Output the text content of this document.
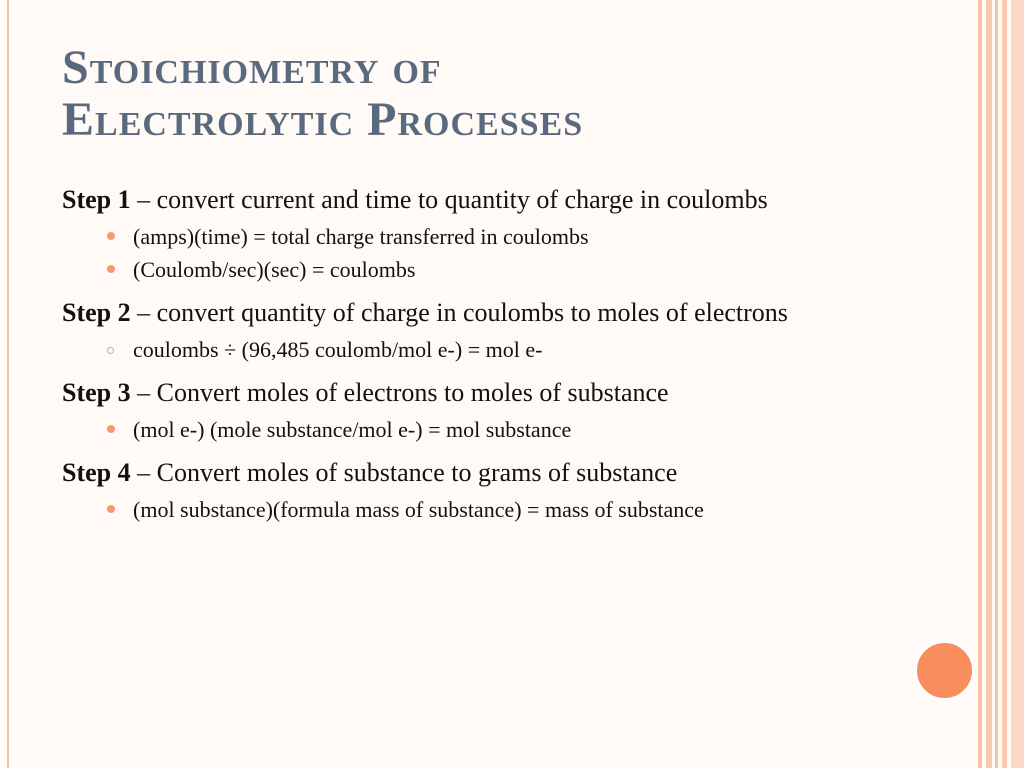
Stoichiometry of
Electrolytic Processes

Step 1 – convert current and time to quantity of charge in coulombs

(amps)(time) = total charge transferred in coulombs

(Coulomb/sec)(sec) = coulombs

Step 2 – convert quantity of charge in coulombs to moles of electrons

coulombs ÷ (96,485 coulomb/mol e-) = mol e-

Step 3 – Convert moles of electrons to moles of substance

(mol e-) (mole substance/mol e-) = mol substance

Step 4 – Convert moles of substance to grams of substance

(mol substance)(formula mass of substance) = mass of substance
